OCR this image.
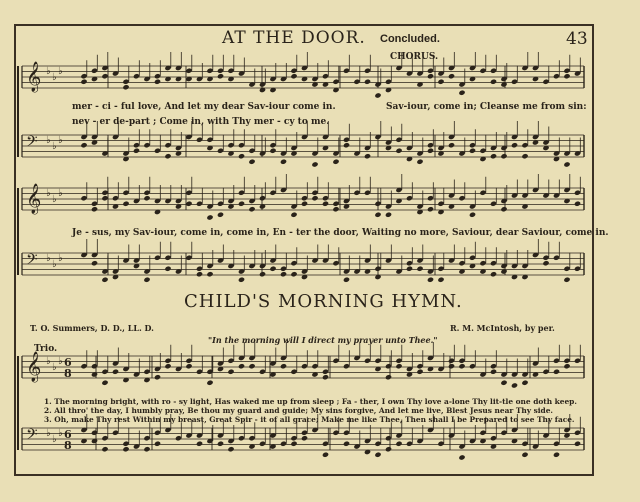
AT THE DOOR. Concluded.	43
CHORUS.
mer - ci - ful love, And let my dear Sav-iour come in.	Sav-iour, come in; Cleanse me from sin:
nev - er de-part ; Come in, with Thy mer - cy to me.
Je - sus, my Sav-iour, come in, come in, En - ter the door, Waiting no more, Saviour, dear Saviour, come in.
CHILD'S MORNING HYMN.
T. O. Summers, D. D., LL. D.	R. M. McIntosh, by per.
"In the morning will I direct my prayer unto Thee."
Trio.
1. The morning bright, with ro - sy light, Has waked me up from sleep ; Fa - ther, I own Thy love a-lone Thy lit-tle one doth keep.
2. All thro' the day, I humbly pray, Be thou my guard and guide; My sins forgive, And let me live, Blest Jesus near Thy side.
3. Oh, make Thy rest Within my breast, Great Spir - it of all grace; Make me like Thee, Then shall I be Prepared to see Thy face.
𝄞 ♭
♭
♭
𝄢 ♭
♭
♭
𝄞 ♭
♭
♭
𝄢 ♭
♭
♭
𝄞 ♭
♭
♭ 6
8
𝄢 ♭
♭
♭ 6
8
